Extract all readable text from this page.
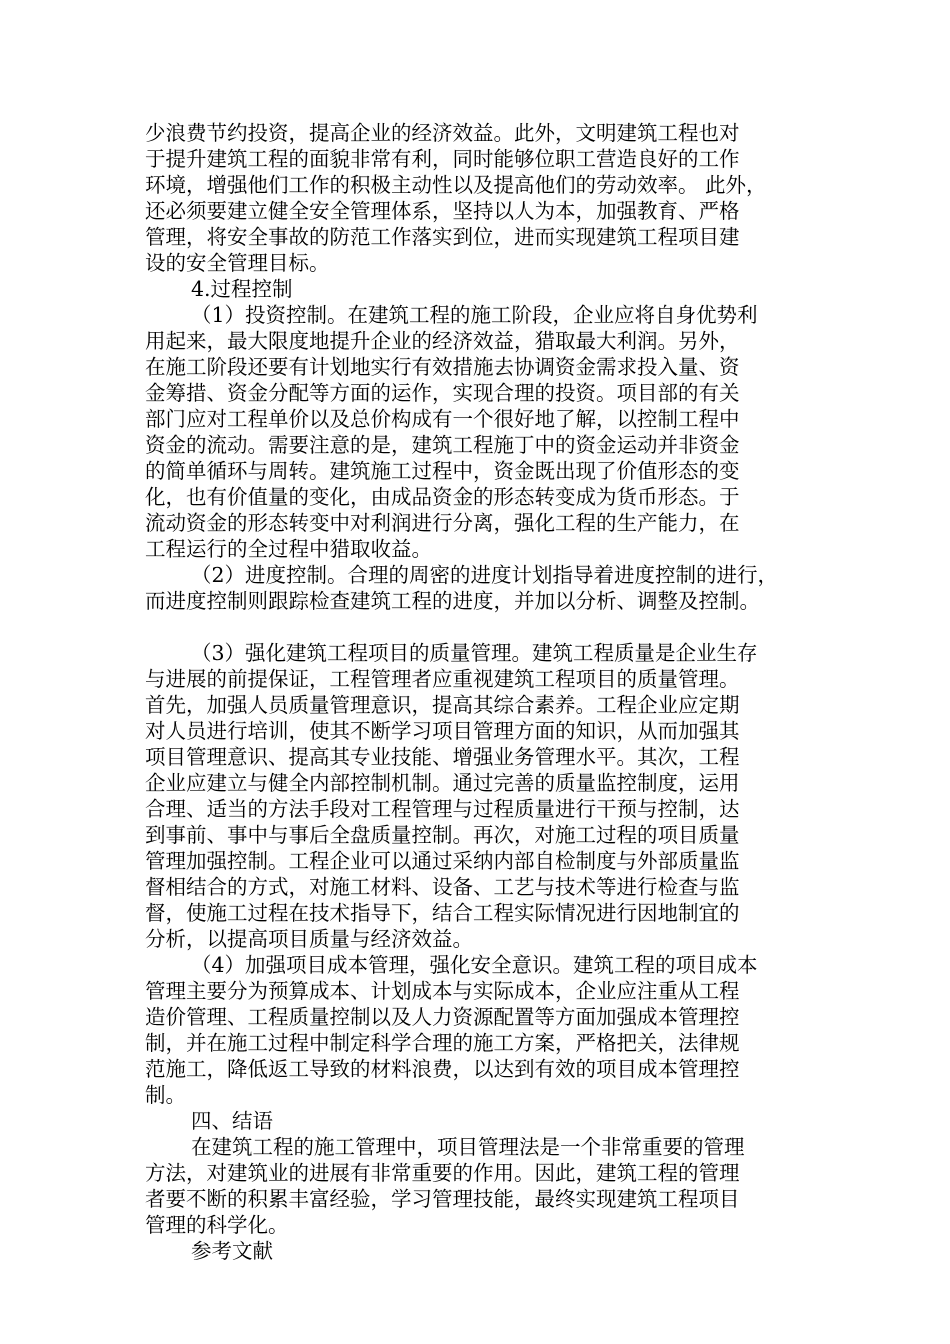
少浪费节约投资，提高企业的经济效益。此外，文明建筑工程也对
于提升建筑工程的面貌非常有利，同时能够位职工营造良好的工作
环境，增强他们工作的积极主动性以及提高他们的劳动效率。 此外，
还必须要建立健全安全管理体系，坚持以人为本，加强教育、严格
管理，将安全事故的防范工作落实到位，进而实现建筑工程项目建
设的安全管理目标。
4.过程控制
（1）投资控制。在建筑工程的施工阶段，企业应将自身优势利
用起来，最大限度地提升企业的经济效益，猎取最大利润。另外，
在施工阶段还要有计划地实行有效措施去协调资金需求投入量、资
金筹措、资金分配等方面的运作，实现合理的投资。项目部的有关
部门应对工程单价以及总价构成有一个很好地了解，以控制工程中
资金的流动。需要注意的是，建筑工程施丁中的资金运动并非资金
的简单循环与周转。建筑施工过程中，资金既出现了价值形态的变
化，也有价值量的变化，由成品资金的形态转变成为货币形态。于
流动资金的形态转变中对利润进行分离，强化工程的生产能力，在
工程运行的全过程中猎取收益。
（2）进度控制。合理的周密的进度计划指导着进度控制的进行，
而进度控制则跟踪检查建筑工程的进度，并加以分析、调整及控制。
（3）强化建筑工程项目的质量管理。建筑工程质量是企业生存
与进展的前提保证，工程管理者应重视建筑工程项目的质量管理。
首先，加强人员质量管理意识，提高其综合素养。工程企业应定期
对人员进行培训，使其不断学习项目管理方面的知识，从而加强其
项目管理意识、提高其专业技能、增强业务管理水平。其次，工程
企业应建立与健全内部控制机制。通过完善的质量监控制度，运用
合理、适当的方法手段对工程管理与过程质量进行干预与控制，达
到事前、事中与事后全盘质量控制。再次，对施工过程的项目质量
管理加强控制。工程企业可以通过采纳内部自检制度与外部质量监
督相结合的方式，对施工材料、设备、工艺与技术等进行检查与监
督，使施工过程在技术指导下，结合工程实际情况进行因地制宜的
分析，以提高项目质量与经济效益。
（4）加强项目成本管理，强化安全意识。建筑工程的项目成本
管理主要分为预算成本、计划成本与实际成本，企业应注重从工程
造价管理、工程质量控制以及人力资源配置等方面加强成本管理控
制，并在施工过程中制定科学合理的施工方案，严格把关，法律规
范施工，降低返工导致的材料浪费，以达到有效的项目成本管理控
制。
四、结语
在建筑工程的施工管理中，项目管理法是一个非常重要的管理
方法，对建筑业的进展有非常重要的作用。因此，建筑工程的管理
者要不断的积累丰富经验，学习管理技能，最终实现建筑工程项目
管理的科学化。
参考文献
